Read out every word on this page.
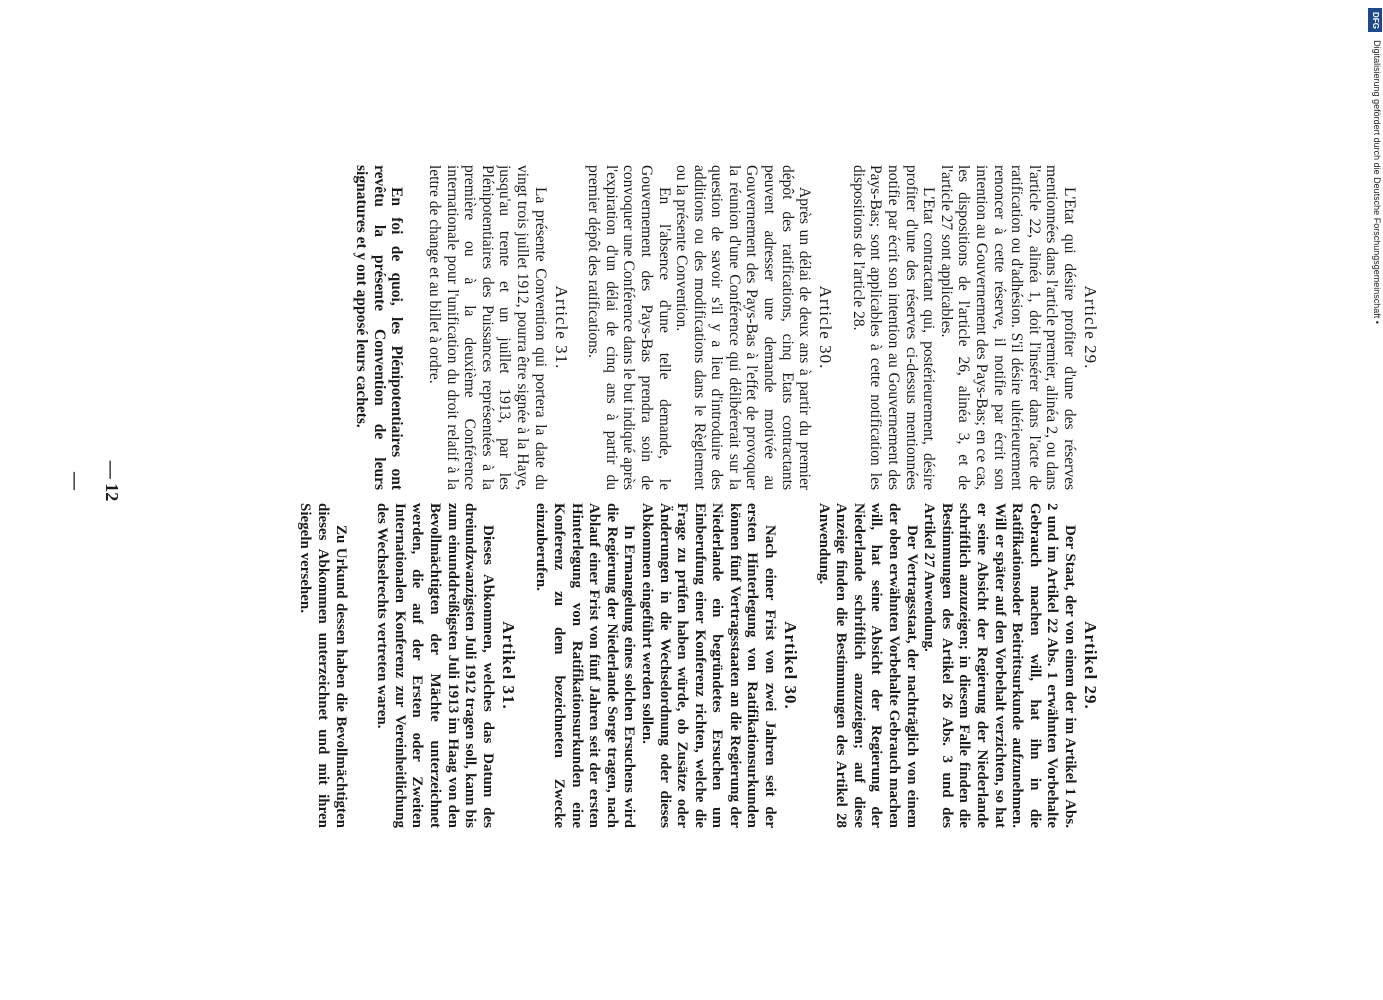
— 12 —
Article 29.

L'Etat qui désire profiter d'une des réserves mentionnées dans l'article premier, alinéa 2, ou dans l'article 22, alinéa 1, doit l'insérer dans l'acte de ratification ou d'adhésion. S'il désire ultérieurement renoncer à cette réserve, il notifie par écrit son intention au Gouvernement des Pays-Bas; en ce cas, les dispositions de l'article 26, alinéa 3, et de l'article 27 sont applicables.

L'Etat contractant qui, postérieurement, désire profiter d'une des réserves ci-dessus mentionnées notifie par écrit son intention au Gouvernement des Pays-Bas; sont applicables à cette notification les dispositions de l'article 28.

Article 30.

Après un délai de deux ans à partir du premier dépôt des ratifications, cinq Etats contractants peuvent adresser une demande motivée au Gouvernement des Pays-Bas à l'effet de provoquer la réunion d'une Conférence qui délibérerait sur la question de savoir s'il y a lieu d'introduire des additions ou des modifications dans le Règlement ou la présente Convention.

En l'absence d'une telle demande, le Gouvernement des Pays-Bas prendra soin de convoquer une Conférence dans le but indiqué après l'expiration d'un délai de cinq ans à partir du premier dépôt des ratifications.

Article 31.

La présente Convention qui portera la date du vingt trois juillet 1912, pourra être signée à la Haye, jusqu'au trente et un juillet 1913, par les Plénipotentiaires des Puissances représentées à la première ou à la deuxième Conférence internationale pour l'unification du droit relatif à la lettre de change et au billet à ordre.

En foi de quoi, les Plénipotentiaires ont revêtu la présente Convention de leurs signatures et y ont apposé leurs cachets.

Artikel 29.

Der Staat, der von einem der im Artikel 1 Abs. 2 und im Artikel 22 Abs. 1 erwähnten Vorbehalte Gebrauch machen will, hat ihn in die Ratifikationsoder Beitrittsurkunde aufzunehmen. Will er später auf den Vorbehalt verzichten, so hat er seine Absicht der Regierung der Niederlande schriftlich anzuzeigen; in diesem Falle finden die Bestimmungen des Artikel 26 Abs. 3 und des Artikel 27 Anwendung.

Der Vertragsstaat, der nachträglich von einem der oben erwähnten Vorbehalte Gebrauch machen will, hat seine Absicht der Regierung der Niederlande schriftlich anzuzeigen; auf diese Anzeige finden die Bestimmungen des Artikel 28 Anwendung.

Artikel 30.

Nach einer Frist von zwei Jahren seit der ersten Hinterlegung von Ratifikationsurkunden können fünf Vertragsstaaten an die Regierung der Niederlande ein begründetes Ersuchen um Einberufung einer Konferenz richten, welche die Frage zu prüfen haben würde, ob Zusätze oder Änderungen in die Wechselordnung oder dieses Abkommen eingeführt werden sollen.

In Ermangelung eines solchen Ersuchens wird die Regierung der Niederlande Sorge tragen, nach Ablauf einer Frist von fünf Jahren seit der ersten Hinterlegung von Ratifikationsurkunden eine Konferenz zu dem bezeichneten Zwecke einzuberufen.

Artikel 31.

Dieses Abkommen, welches das Datum des dreiundzwanzigsten Juli 1912 tragen soll, kann bis zum einunddreißigsten Juli 1913 im Haag von den Bevollmächtigten der Mächte unterzeichnet werden, die auf der Ersten oder Zweiten Internationalen Konferenz zur Vereinheitlichung des Wechselrechts vertreten waren.

Zu Urkund dessen haben die Bevollmächtigten dieses Abkommen unterzeichnet und mit ihren Siegeln versehen.

DFG
Digitalisierung gefördert durch die Deutsche Forschungsgemeinschaft •
